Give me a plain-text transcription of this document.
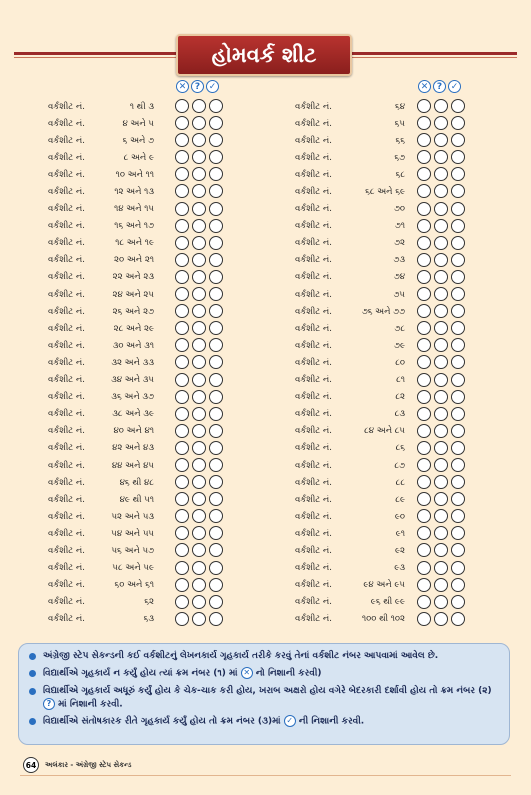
હોમવર્ક શીટ
✕ ? ✓	✕ ? ✓
વર્કશીટ નં.	૧ થી ૩
વર્કશીટ નં.	૪ અને ૫
વર્કશીટ નં.	૬ અને ૭
વર્કશીટ નં.	૮ અને ૯
વર્કશીટ નં.	૧૦ અને ૧૧
વર્કશીટ નં.	૧૨ અને ૧૩
વર્કશીટ નં.	૧૪ અને ૧૫
વર્કશીટ નં.	૧૬ અને ૧૭
વર્કશીટ નં.	૧૮ અને ૧૯
વર્કશીટ નં.	૨૦ અને ૨૧
વર્કશીટ નં.	૨૨ અને ૨૩
વર્કશીટ નં.	૨૪ અને ૨૫
વર્કશીટ નં.	૨૬ અને ૨૭
વર્કશીટ નં.	૨૮ અને ૨૯
વર્કશીટ નં.	૩૦ અને ૩૧
વર્કશીટ નં.	૩૨ અને ૩૩
વર્કશીટ નં.	૩૪ અને ૩૫
વર્કશીટ નં.	૩૬ અને ૩૭
વર્કશીટ નં.	૩૮ અને ૩૯
વર્કશીટ નં.	૪૦ અને ૪૧
વર્કશીટ નં.	૪૨ અને ૪૩
વર્કશીટ નં.	૪૪ અને ૪૫
વર્કશીટ નં.	૪૬ થી ૪૮
વર્કશીટ નં.	૪૯ થી ૫૧
વર્કશીટ નં.	૫૨ અને ૫૩
વર્કશીટ નં.	૫૪ અને ૫૫
વર્કશીટ નં.	૫૬ અને ૫૭
વર્કશીટ નં.	૫૮ અને ૫૯
વર્કશીટ નં.	૬૦ અને ૬૧
વર્કશીટ નં.	૬૨
વર્કશીટ નં.	૬૩
વર્કશીટ નં.	૬૪
વર્કશીટ નં.	૬૫
વર્કશીટ નં.	૬૬
વર્કશીટ નં.	૬૭
વર્કશીટ નં.	૬૮
વર્કશીટ નં.	૬૮ અને ૬૯
વર્કશીટ નં.	૭૦
વર્કશીટ નં.	૭૧
વર્કશીટ નં.	૭૨
વર્કશીટ નં.	૭૩
વર્કશીટ નં.	૭૪
વર્કશીટ નં.	૭૫
વર્કશીટ નં.	૭૬ અને ૭૭
વર્કશીટ નં.	૭૮
વર્કશીટ નં.	૭૯
વર્કશીટ નં.	૮૦
વર્કશીટ નં.	૮૧
વર્કશીટ નં.	૮૨
વર્કશીટ નં.	૮૩
વર્કશીટ નં.	૮૪ અને ૮૫
વર્કશીટ નં.	૮૬
વર્કશીટ નં.	૮૭
વર્કશીટ નં.	૮૮
વર્કશીટ નં.	૮૯
વર્કશીટ નં.	૯૦
વર્કશીટ નં.	૯૧
વર્કશીટ નં.	૯૨
વર્કશીટ નં.	૯૩
વર્કશીટ નં.	૯૪ અને ૯૫
વર્કશીટ નં.	૯૬ થી ૯૯
વર્કશીટ નં.	૧૦૦ થી ૧૦૨
અંગ્રેજી સ્ટેપ સેકન્ડની કઈ વર્કશીટનું લેખનકાર્ય ગૃહકાર્ય તરીકે કરવું તેનાં વર્કશીટ નંબર આપવામાં આવેલ છે.
વિદ્યાર્થીએ ગૃહકાર્ય ન કર્યું હોય ત્યાં ક્રમ નંબર (૧) માં ✕ નો નિશાની કરવી)
વિદ્યાર્થીએ ગૃહકાર્ય અધૂરું કર્યું હોય કે ચેક-ચાક કરી હોય, ખરાબ અક્ષરો હોય વગેરે બેદરકારી દર્શાવી હોય તો ક્રમ નંબર (૨) ? માં નિશાની કરવી.
વિદ્યાર્થીએ સંતોષકારક રીતે ગૃહકાર્ય કર્યું હોય તો ક્રમ નંબર (૩)માં ✓ ની નિશાની કરવી.
64	અલંકાર - અંગ્રેજી સ્ટેપ સેકન્ડ
